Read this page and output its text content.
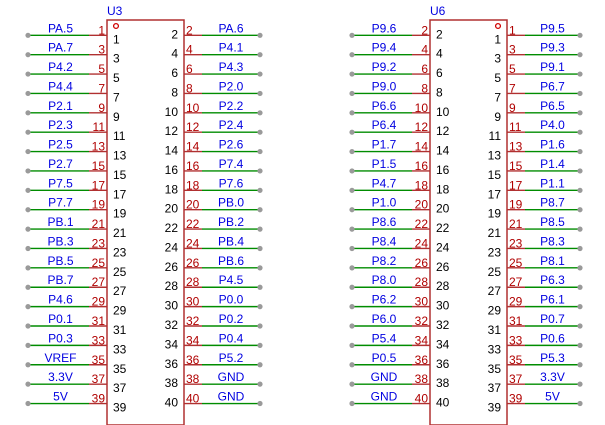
U3
PA.5 1
1
PA.6
2
2
PA.7 3
3
P4.1
4
4
P4.2 5
5
P4.3
6
6
P4.4 7
7
P2.0
8
8
P2.1 9
9
P2.2
10
10
P2.3 11
11
P2.4
12
12
P2.5 13
13
P2.6
14
14
P2.7 15
15
P7.4
16
16
P7.5 17
17
P7.6
18
18
P7.7 19
19
PB.0
20
20
PB.1 21
21
PB.2
22
22
PB.3 23
23
PB.4
24
24
PB.5 25
25
PB.6
26
26
PB.7 27
27
P4.5
28
28
P4.6 29
29
P0.0
30
30
P0.1 31
31
P0.2
32
32
P0.3 33
33
P0.4
34
34
VREF 35
35
P5.2
36
36
3.3V 37
37
GND
38
38
5V 39
39
GND
40
40
U6
P9.6 2 2	P9.5
1
1
P9.4 4 4	P9.3
3
3
P9.2 6 6	P9.1
5
5
P9.0 8 8	P6.7
7
7
P6.6 10 10	P6.5
9
9
P6.4 12 12	P4.0
11
11
P1.7 14 14	P1.6
13
13
P1.5 16 16	P1.4
15
15
P4.7 18 18	P1.1
17
17
P1.0 20 20	P8.7
19
19
P8.6 22 22	P8.5
21
21
P8.4 24 24	P8.3
23
23
P8.2 26 26	P8.1
25
25
P8.0 28 28	P6.3
27
27
P6.2 30 30	P6.1
29
29
P6.0 32 32	P0.7
31
31
P5.4 34 34	P0.6
33
33
P0.5 36 36	P5.3
35
35
GND 38 38	3.3V
37
37
GND 40 40	5V
39
39
